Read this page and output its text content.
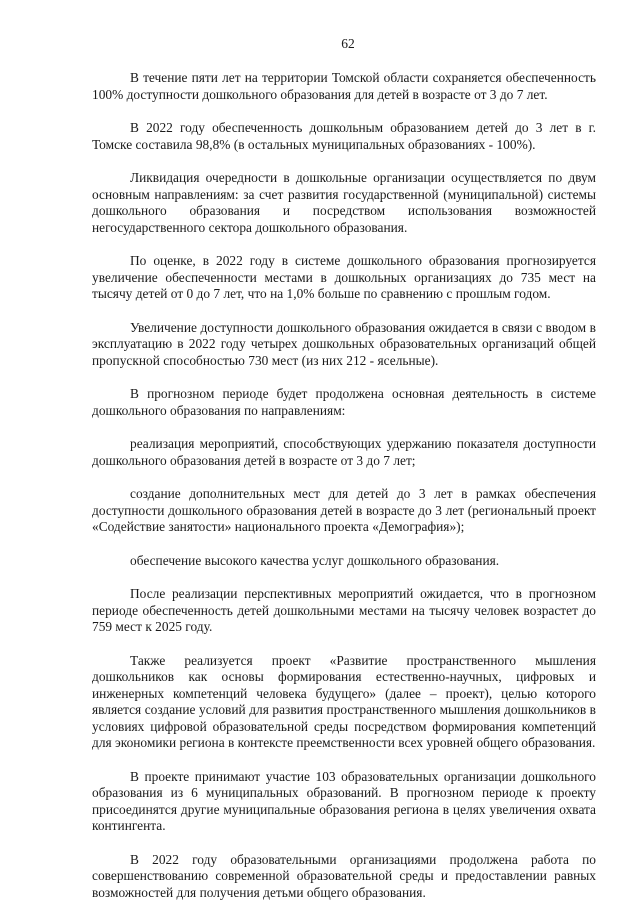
62

В течение пяти лет на территории Томской области сохраняется обеспеченность 100% доступности дошкольного образования для детей в возрасте от 3 до 7 лет.

В 2022 году обеспеченность дошкольным образованием детей до 3 лет в г. Томске составила 98,8% (в остальных муниципальных образованиях - 100%).

Ликвидация очередности в дошкольные организации осуществляется по двум основным направлениям: за счет развития государственной (муниципальной) системы дошкольного образования и посредством использования возможностей негосударственного сектора дошкольного образования.

По оценке, в 2022 году в системе дошкольного образования прогнозируется увеличение обеспеченности местами в дошкольных организациях до 735 мест на тысячу детей от 0 до 7 лет, что на 1,0% больше по сравнению с прошлым годом.

Увеличение доступности дошкольного образования ожидается в связи с вводом в эксплуатацию в 2022 году четырех дошкольных образовательных организаций общей пропускной способностью 730 мест (из них 212 - ясельные).

В прогнозном периоде будет продолжена основная деятельность в системе дошкольного образования по направлениям:

реализация мероприятий, способствующих удержанию показателя доступности дошкольного образования детей в возрасте от 3 до 7 лет;

создание дополнительных мест для детей до 3 лет в рамках обеспечения доступности дошкольного образования детей в возрасте до 3 лет (региональный проект «Содействие занятости» национального проекта «Демография»);

обеспечение высокого качества услуг дошкольного образования.

После реализации перспективных мероприятий ожидается, что в прогнозном периоде обеспеченность детей дошкольными местами на тысячу человек возрастет до 759 мест к 2025 году.

Также реализуется проект «Развитие пространственного мышления дошкольников как основы формирования естественно-научных, цифровых и инженерных компетенций человека будущего» (далее – проект), целью которого является создание условий для развития пространственного мышления дошкольников в условиях цифровой образовательной среды посредством формирования компетенций для экономики региона в контексте преемственности всех уровней общего образования.

В проекте принимают участие 103 образовательных организации дошкольного образования из 6 муниципальных образований. В прогнозном периоде к проекту присоединятся другие муниципальные образования региона в целях увеличения охвата контингента.

В 2022 году образовательными организациями продолжена работа по совершенствованию современной образовательной среды и предоставлении равных возможностей для получения детьми общего образования.
